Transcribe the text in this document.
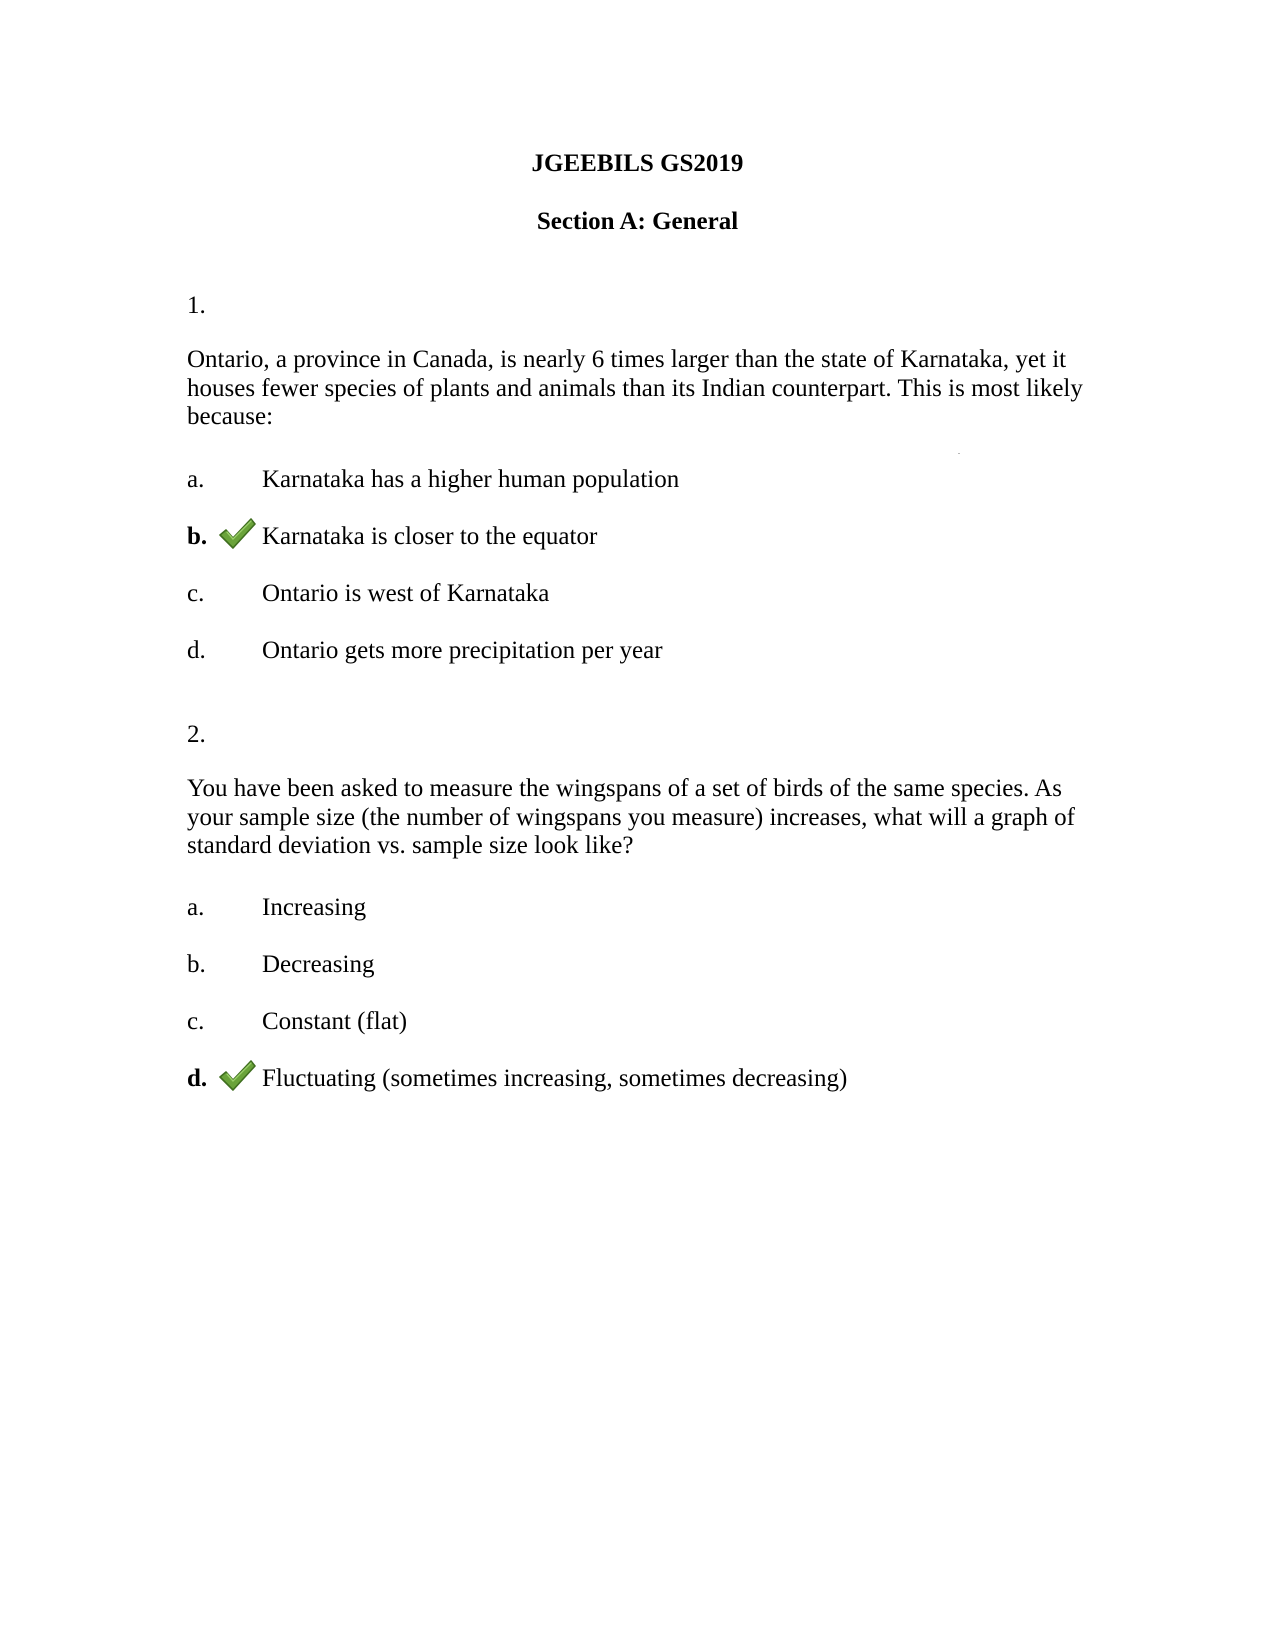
JGEEBILS GS2019
Section A: General
1.
Ontario, a province in Canada, is nearly 6 times larger than the state of Karnataka, yet it houses fewer species of plants and animals than its Indian counterpart. This is most likely because:
a. Karnataka has a higher human population
b. Karnataka is closer to the equator
c. Ontario is west of Karnataka
d. Ontario gets more precipitation per year
2.
You have been asked to measure the wingspans of a set of birds of the same species. As your sample size (the number of wingspans you measure) increases, what will a graph of standard deviation vs. sample size look like?
a. Increasing
b. Decreasing
c. Constant (flat)
d. Fluctuating (sometimes increasing, sometimes decreasing)
